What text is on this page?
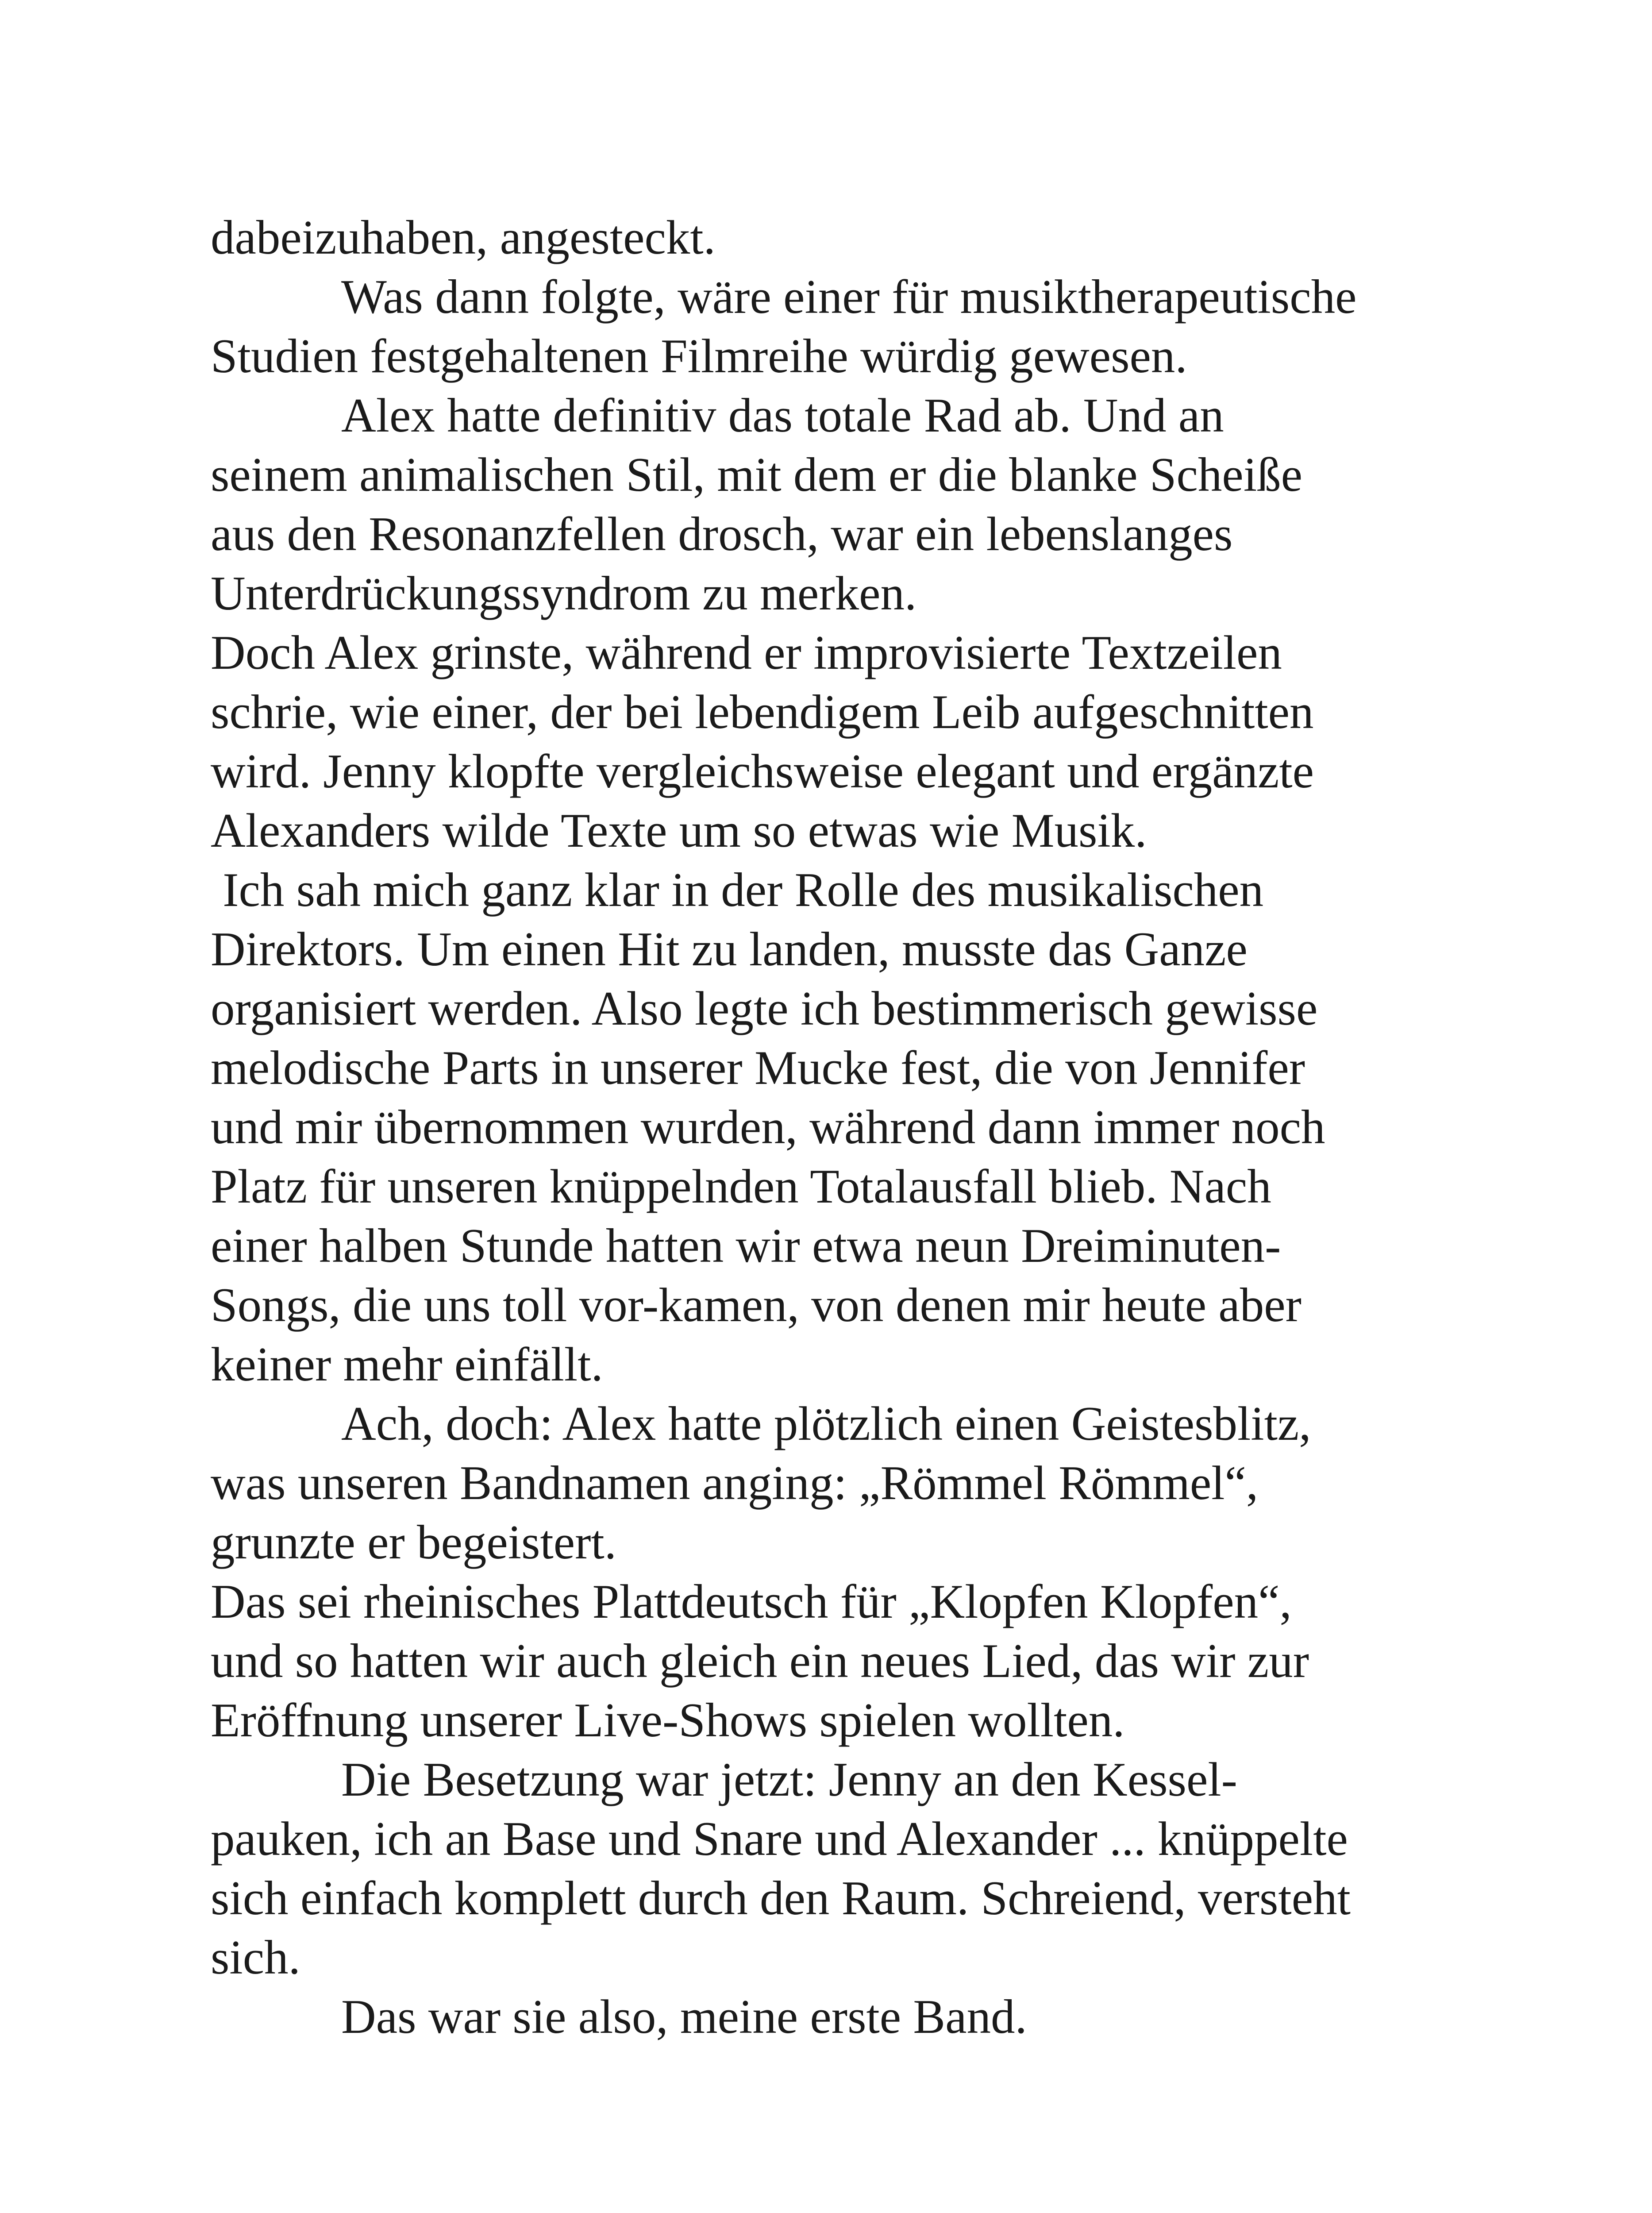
dabeizuhaben, angesteckt.
Was dann folgte, wäre einer für musiktherapeutische
Studien festgehaltenen Filmreihe würdig gewesen.
Alex hatte definitiv das totale Rad ab. Und an
seinem animalischen Stil, mit dem er die blanke Scheiße
aus den Resonanzfellen drosch, war ein lebenslanges
Unterdrückungssyndrom zu merken.
Doch Alex grinste, während er improvisierte Textzeilen
schrie, wie einer, der bei lebendigem Leib aufgeschnitten
wird. Jenny klopfte vergleichsweise elegant und ergänzte
Alexanders wilde Texte um so etwas wie Musik.
Ich sah mich ganz klar in der Rolle des musikalischen
Direktors. Um einen Hit zu landen, musste das Ganze
organisiert werden. Also legte ich bestimmerisch gewisse
melodische Parts in unserer Mucke fest, die von Jennifer
und mir übernommen wurden, während dann immer noch
Platz für unseren knüppelnden Totalausfall blieb. Nach
einer halben Stunde hatten wir etwa neun Dreiminuten-
Songs, die uns toll vor-kamen, von denen mir heute aber
keiner mehr einfällt.
Ach, doch: Alex hatte plötzlich einen Geistesblitz,
was unseren Bandnamen anging: „Römmel Römmel“,
grunzte er begeistert.
Das sei rheinisches Plattdeutsch für „Klopfen Klopfen“,
und so hatten wir auch gleich ein neues Lied, das wir zur
Eröffnung unserer Live-Shows spielen wollten.
Die Besetzung war jetzt: Jenny an den Kessel-
pauken, ich an Base und Snare und Alexander ... knüppelte
sich einfach komplett durch den Raum. Schreiend, versteht
sich.
Das war sie also, meine erste Band.
